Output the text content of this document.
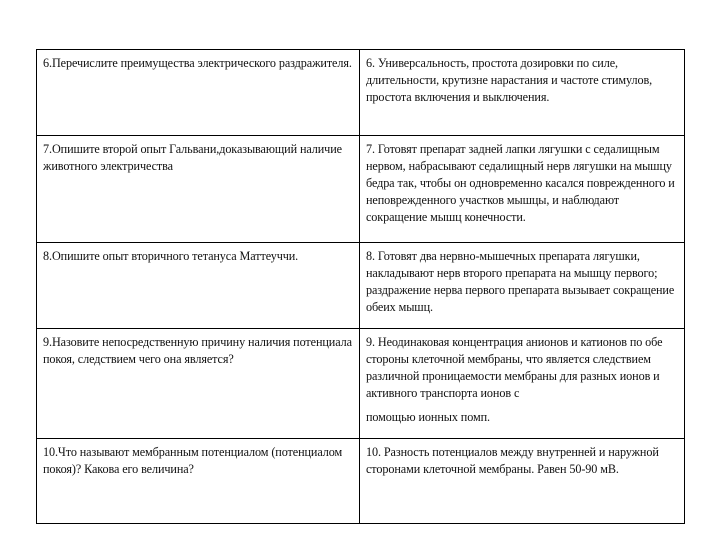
6.Перечислите преимущества электрического раздражителя.	6. Универсальность, простота дозировки по силе, длительности, крутизне нарастания и частоте стимулов, простота включения и выключения.
7.Опишите второй опыт Гальвани,доказывающий наличие животного электричества	7. Готовят препарат задней лапки лягушки с седалищным нервом, набрасывают седалищный нерв лягушки на мышцу бедра так, чтобы он одновременно касался поврежденного и неповрежденного участков мышцы, и наблюдают сокращение мышц конечности.
8.Опишите опыт вторичного тетануса Маттеуччи.	8. Готовят два нервно-мышечных препарата лягушки, накладывают нерв второго препарата на мышцу первого; раздражение нерва первого препарата вызывает сокращение обеих мышц.
9.Назовите непосредственную причину наличия потенциала покоя, следствием чего она является?	9. Неодинаковая концентрация анионов и катионов по обе стороны клеточной мембраны, что является следствием различной проницаемости мембраны для разных ионов и активного транспорта ионов с
помощью ионных помп.

10.Что называют мембранным потенциалом (потенциалом покоя)? Какова его величина?	10. Разность потенциалов между внутренней и наружной сторонами клеточной мембраны. Равен 50-90 мВ.
